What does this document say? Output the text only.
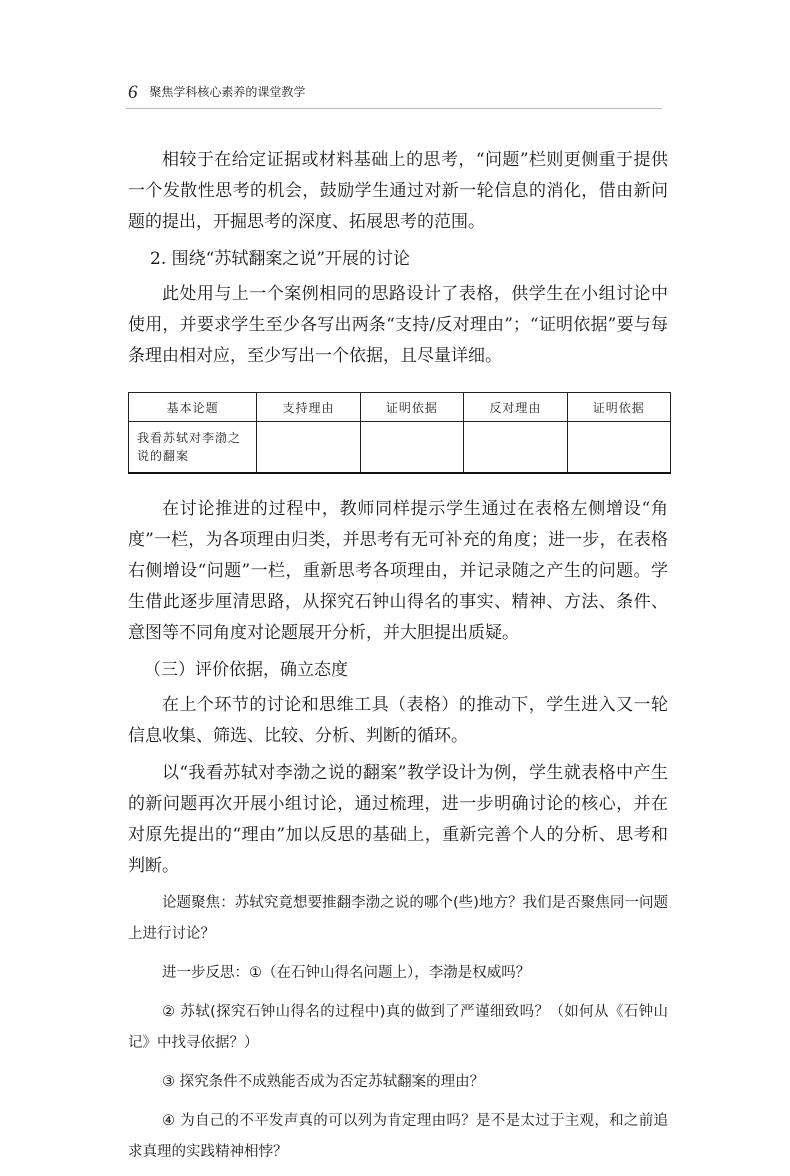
6 聚焦学科核心素养的课堂教学

相较于在给定证据或材料基础上的思考，“问题”栏则更侧重于提供一个发散性思考的机会，鼓励学生通过对新一轮信息的消化，借由新问题的提出，开掘思考的深度、拓展思考的范围。

2. 围绕“苏轼翻案之说”开展的讨论

此处用与上一个案例相同的思路设计了表格，供学生在小组讨论中使用，并要求学生至少各写出两条“支持/反对理由”；“证明依据”要与每条理由相对应，至少写出一个依据，且尽量详细。

基本论题	支持理由	证明依据	反对理由	证明依据
我看苏轼对李渤之说的翻案				

在讨论推进的过程中，教师同样提示学生通过在表格左侧增设“角度”一栏，为各项理由归类，并思考有无可补充的角度；进一步，在表格右侧增设“问题”一栏，重新思考各项理由，并记录随之产生的问题。学生借此逐步厘清思路，从探究石钟山得名的事实、精神、方法、条件、意图等不同角度对论题展开分析，并大胆提出质疑。

（三）评价依据，确立态度

在上个环节的讨论和思维工具（表格）的推动下，学生进入又一轮信息收集、筛选、比较、分析、判断的循环。

以“我看苏轼对李渤之说的翻案”教学设计为例，学生就表格中产生的新问题再次开展小组讨论，通过梳理，进一步明确讨论的核心，并在对原先提出的“理由”加以反思的基础上，重新完善个人的分析、思考和判断。

论题聚焦：苏轼究竟想要推翻李渤之说的哪个(些)地方？我们是否聚焦同一问题上进行讨论？

进一步反思：①（在石钟山得名问题上），李渤是权威吗？

② 苏轼(探究石钟山得名的过程中)真的做到了严谨细致吗？（如何从《石钟山记》中找寻依据？）

③ 探究条件不成熟能否成为否定苏轼翻案的理由？

④ 为自己的不平发声真的可以列为肯定理由吗？是不是太过于主观，和之前追求真理的实践精神相悖？
